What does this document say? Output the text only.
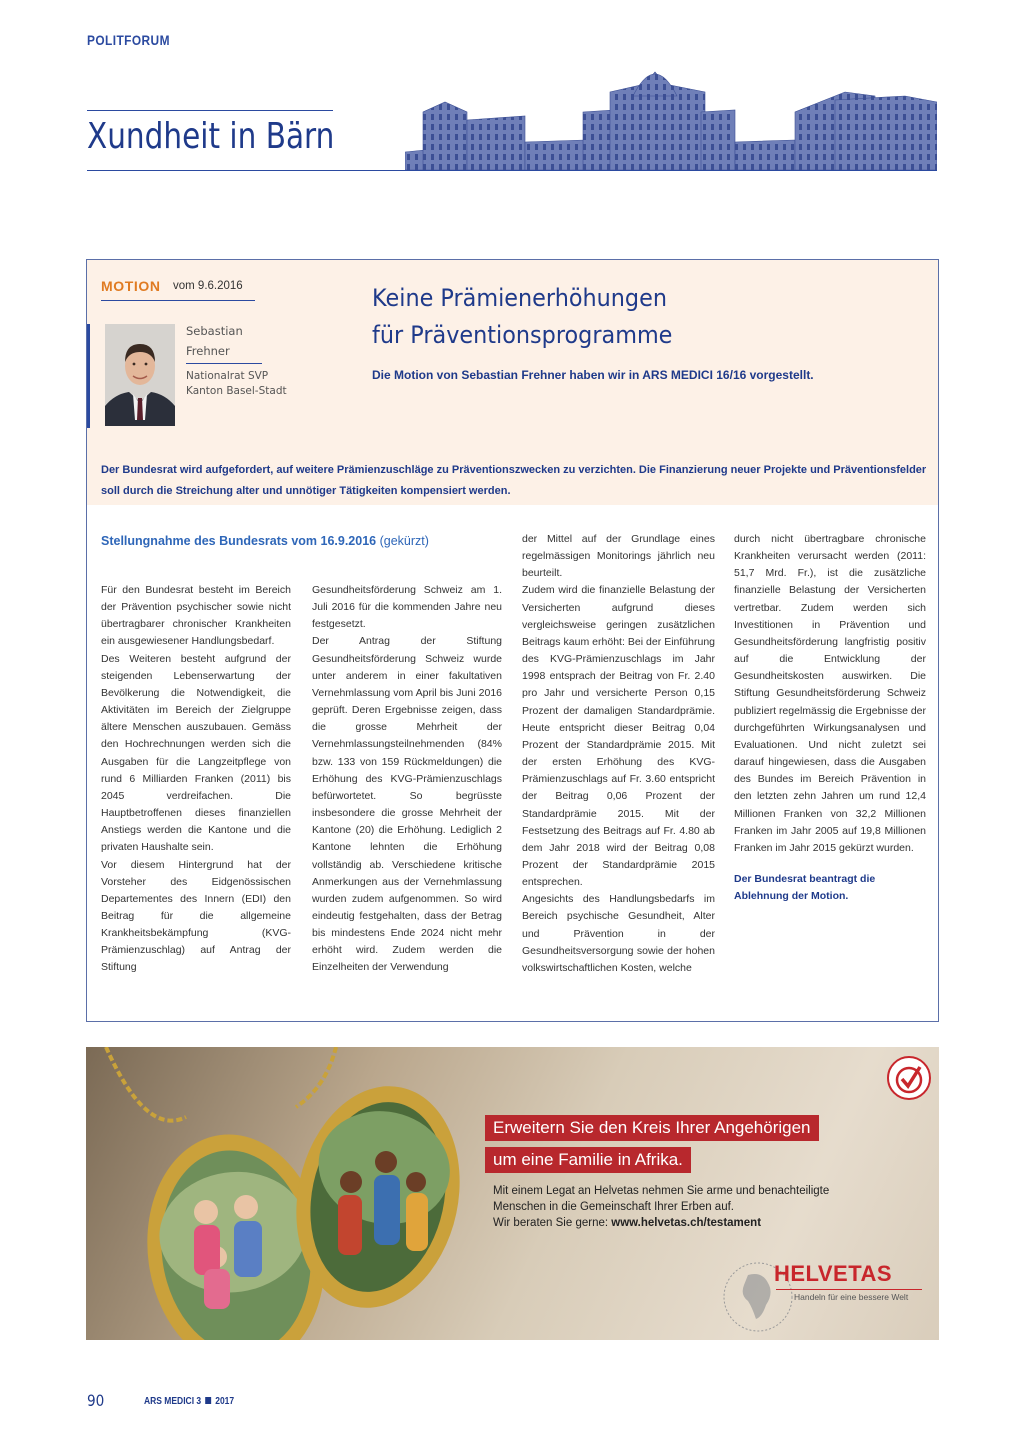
POLITFORUM
Xundheit in Bärn
MOTION vom 9.6.2016
Sebastian
Frehner
Nationalrat SVP
Kanton Basel-Stadt
Keine Prämienerhöhungen
für Präventionsprogramme
Die Motion von Sebastian Frehner haben wir in ARS MEDICI 16/16 vorgestellt.

Der Bundesrat wird aufgefordert, auf weitere Prämienzuschläge zu Präventionszwecken zu verzichten. Die Finanzierung neuer Projekte und Präventionsfelder soll durch die Streichung alter und unnötiger Tätigkeiten kompensiert werden.

Stellungnahme des Bundesrats vom 16.9.2016 (gekürzt)

Für den Bundesrat besteht im Bereich der Prävention psychischer sowie nicht übertragbarer chronischer Krankheiten ein ausgewiesener Handlungsbedarf.

Des Weiteren besteht aufgrund der steigenden Lebenserwartung der Bevölkerung die Notwendigkeit, die Aktivitäten im Bereich der Zielgruppe ältere Menschen auszubauen. Gemäss den Hochrechnungen werden sich die Ausgaben für die Langzeitpflege von rund 6 Milliarden Franken (2011) bis 2045 verdreifachen. Die Hauptbetroffenen dieses finanziellen Anstiegs werden die Kantone und die privaten Haushalte sein.

Vor diesem Hintergrund hat der Vorsteher des Eidgenössischen Departementes des Innern (EDI) den Beitrag für die allgemeine Krankheitsbekämpfung (KVG-Prämienzuschlag) auf Antrag der Stiftung

Gesundheitsförderung Schweiz am 1. Juli 2016 für die kommenden Jahre neu festgesetzt.

Der Antrag der Stiftung Gesundheitsförderung Schweiz wurde unter anderem in einer fakultativen Vernehmlassung vom April bis Juni 2016 geprüft. Deren Ergebnisse zeigen, dass die grosse Mehrheit der Vernehmlassungsteilnehmenden (84% bzw. 133 von 159 Rückmeldungen) die Erhöhung des KVG-Prämienzuschlags befürwortetet. So begrüsste insbesondere die grosse Mehrheit der Kantone (20) die Erhöhung. Lediglich 2 Kantone lehnten die Erhöhung vollständig ab. Verschiedene kritische Anmerkungen aus der Vernehmlassung wurden zudem aufgenommen. So wird eindeutig festgehalten, dass der Betrag bis mindestens Ende 2024 nicht mehr erhöht wird. Zudem werden die Einzelheiten der Verwendung

der Mittel auf der Grundlage eines regelmässigen Monitorings jährlich neu beurteilt.

Zudem wird die finanzielle Belastung der Versicherten aufgrund dieses vergleichsweise geringen zusätzlichen Beitrags kaum erhöht: Bei der Einführung des KVG-Prämienzuschlags im Jahr 1998 entsprach der Beitrag von Fr. 2.40 pro Jahr und versicherte Person 0,15 Prozent der damaligen Standardprämie. Heute entspricht dieser Beitrag 0,04 Prozent der Standardprämie 2015. Mit der ersten Erhöhung des KVG-Prämienzuschlags auf Fr. 3.60 entspricht der Beitrag 0,06 Prozent der Standardprämie 2015. Mit der Festsetzung des Beitrags auf Fr. 4.80 ab dem Jahr 2018 wird der Beitrag 0,08 Prozent der Standardprämie 2015 entsprechen.

Angesichts des Handlungsbedarfs im Bereich psychische Gesundheit, Alter und Prävention in der Gesundheitsversorgung sowie der hohen volkswirtschaftlichen Kosten, welche

durch nicht übertragbare chronische Krankheiten verursacht werden (2011: 51,7 Mrd. Fr.), ist die zusätzliche finanzielle Belastung der Versicherten vertretbar. Zudem werden sich Investitionen in Prävention und Gesundheitsförderung langfristig positiv auf die Entwicklung der Gesundheitskosten auswirken. Die Stiftung Gesundheitsförderung Schweiz publiziert regelmässig die Ergebnisse der durchgeführten Wirkungsanalysen und Evaluationen. Und nicht zuletzt sei darauf hingewiesen, dass die Ausgaben des Bundes im Bereich Prävention in den letzten zehn Jahren um rund 12,4 Millionen Franken von 32,2 Millionen Franken im Jahr 2005 auf 19,8 Millionen Franken im Jahr 2015 gekürzt wurden.

Der Bundesrat beantragt die Ablehnung der Motion.

Erweitern Sie den Kreis Ihrer Angehörigen
um eine Familie in Afrika.
Mit einem Legat an Helvetas nehmen Sie arme und benachteiligte
Menschen in die Gemeinschaft Ihrer Erben auf.
Wir beraten Sie gerne: www.helvetas.ch/testament
HELVETAS
Handeln für eine bessere Welt
90	ARS MEDICI 3 2017
